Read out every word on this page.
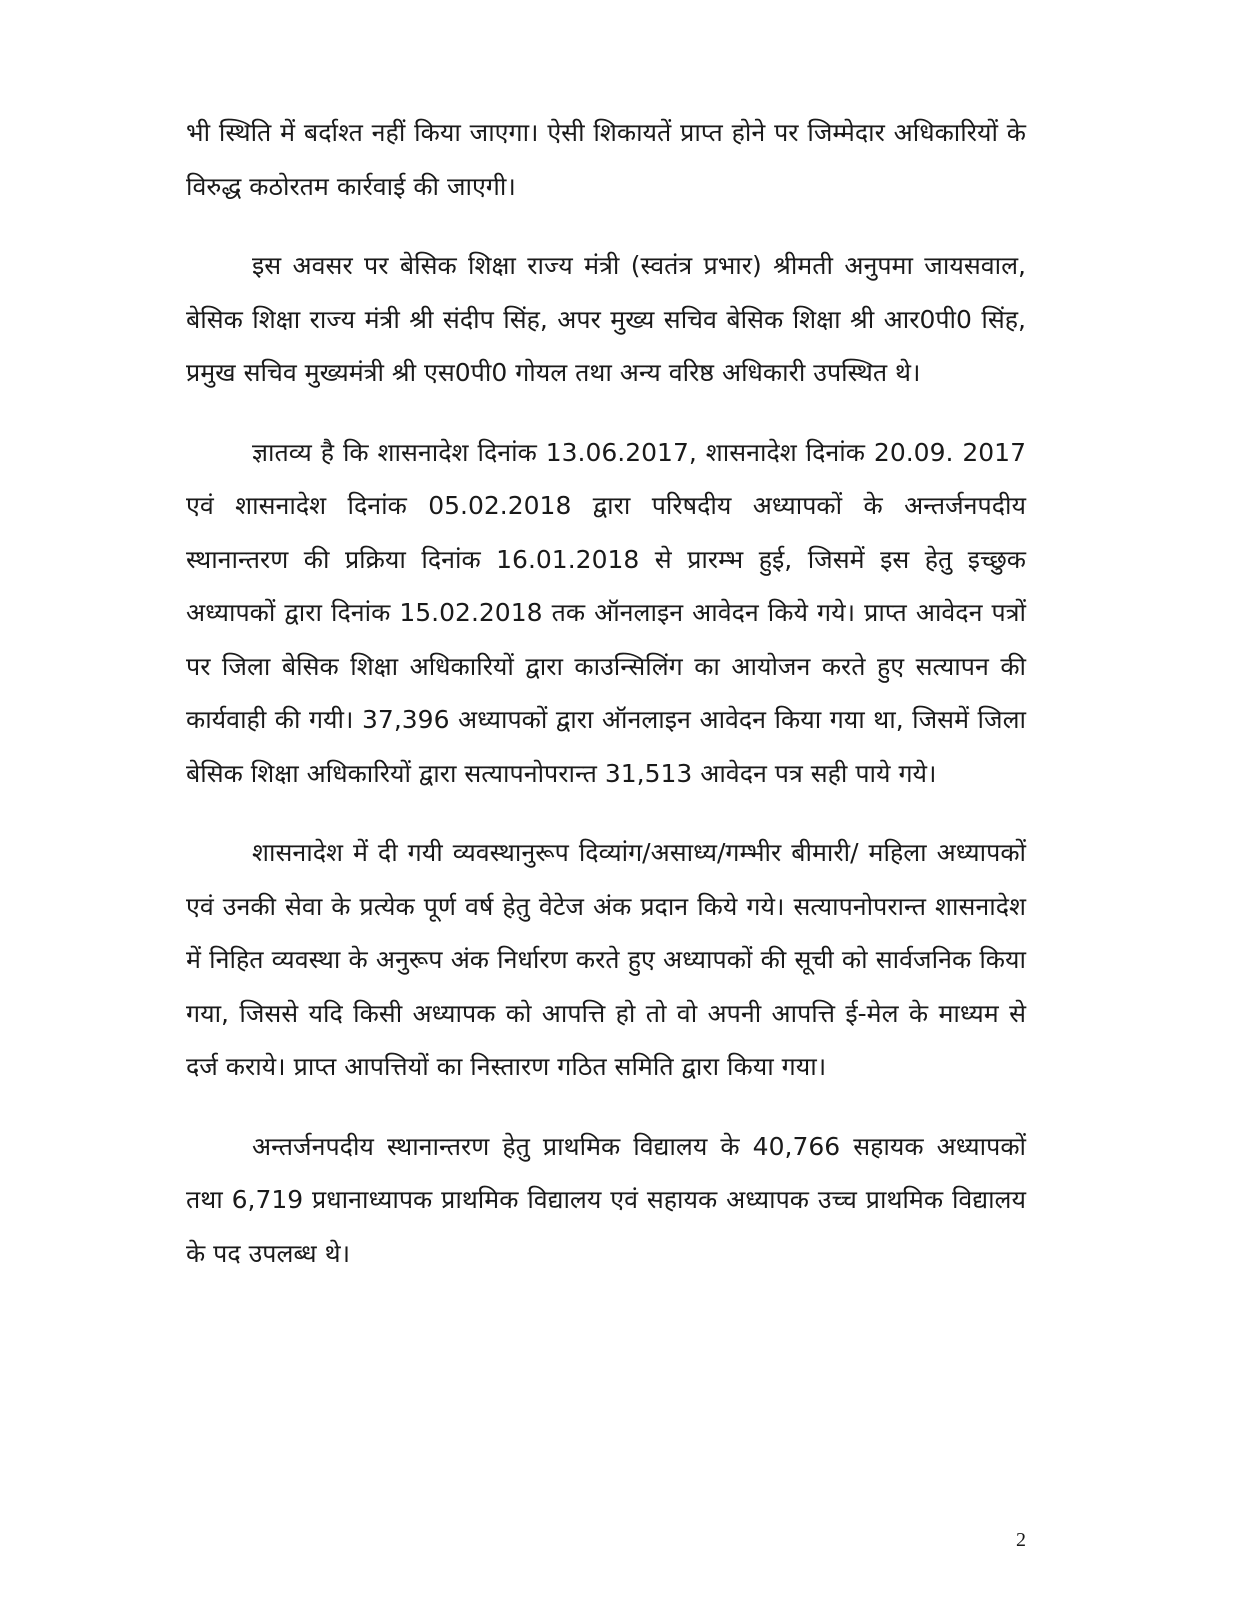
भी स्थिति में बर्दाश्त नहीं किया जाएगा। ऐसी शिकायतें प्राप्त होने पर जिम्मेदार अधिकारियों के विरुद्ध कठोरतम कार्रवाई की जाएगी।

इस अवसर पर बेसिक शिक्षा राज्य मंत्री (स्वतंत्र प्रभार) श्रीमती अनुपमा जायसवाल, बेसिक शिक्षा राज्य मंत्री श्री संदीप सिंह, अपर मुख्य सचिव बेसिक शिक्षा श्री आर0पी0 सिंह, प्रमुख सचिव मुख्यमंत्री श्री एस0पी0 गोयल तथा अन्य वरिष्ठ अधिकारी उपस्थित थे।

ज्ञातव्य है कि शासनादेश दिनांक 13.06.2017, शासनादेश दिनांक 20.09. 2017 एवं शासनादेश दिनांक 05.02.2018 द्वारा परिषदीय अध्यापकों के अन्तर्जनपदीय स्थानान्तरण की प्रक्रिया दिनांक 16.01.2018 से प्रारम्भ हुई, जिसमें इस हेतु इच्छुक अध्यापकों द्वारा दिनांक 15.02.2018 तक ऑनलाइन आवेदन किये गये। प्राप्त आवेदन पत्रों पर जिला बेसिक शिक्षा अधिकारियों द्वारा काउन्सिलिंग का आयोजन करते हुए सत्यापन की कार्यवाही की गयी। 37,396 अध्यापकों द्वारा ऑनलाइन आवेदन किया गया था, जिसमें जिला बेसिक शिक्षा अधिकारियों द्वारा सत्यापनोपरान्त 31,513 आवेदन पत्र सही पाये गये।

शासनादेश में दी गयी व्यवस्थानुरूप दिव्यांग/असाध्य/गम्भीर बीमारी/ महिला अध्यापकों एवं उनकी सेवा के प्रत्येक पूर्ण वर्ष हेतु वेटेज अंक प्रदान किये गये। सत्यापनोपरान्त शासनादेश में निहित व्यवस्था के अनुरूप अंक निर्धारण करते हुए अध्यापकों की सूची को सार्वजनिक किया गया, जिससे यदि किसी अध्यापक को आपत्ति हो तो वो अपनी आपत्ति ई-मेल के माध्यम से दर्ज कराये। प्राप्त आपत्तियों का निस्तारण गठित समिति द्वारा किया गया।

अन्तर्जनपदीय स्थानान्तरण हेतु प्राथमिक विद्यालय के 40,766 सहायक अध्यापकों तथा 6,719 प्रधानाध्यापक प्राथमिक विद्यालय एवं सहायक अध्यापक उच्च प्राथमिक विद्यालय के पद उपलब्ध थे।

2
